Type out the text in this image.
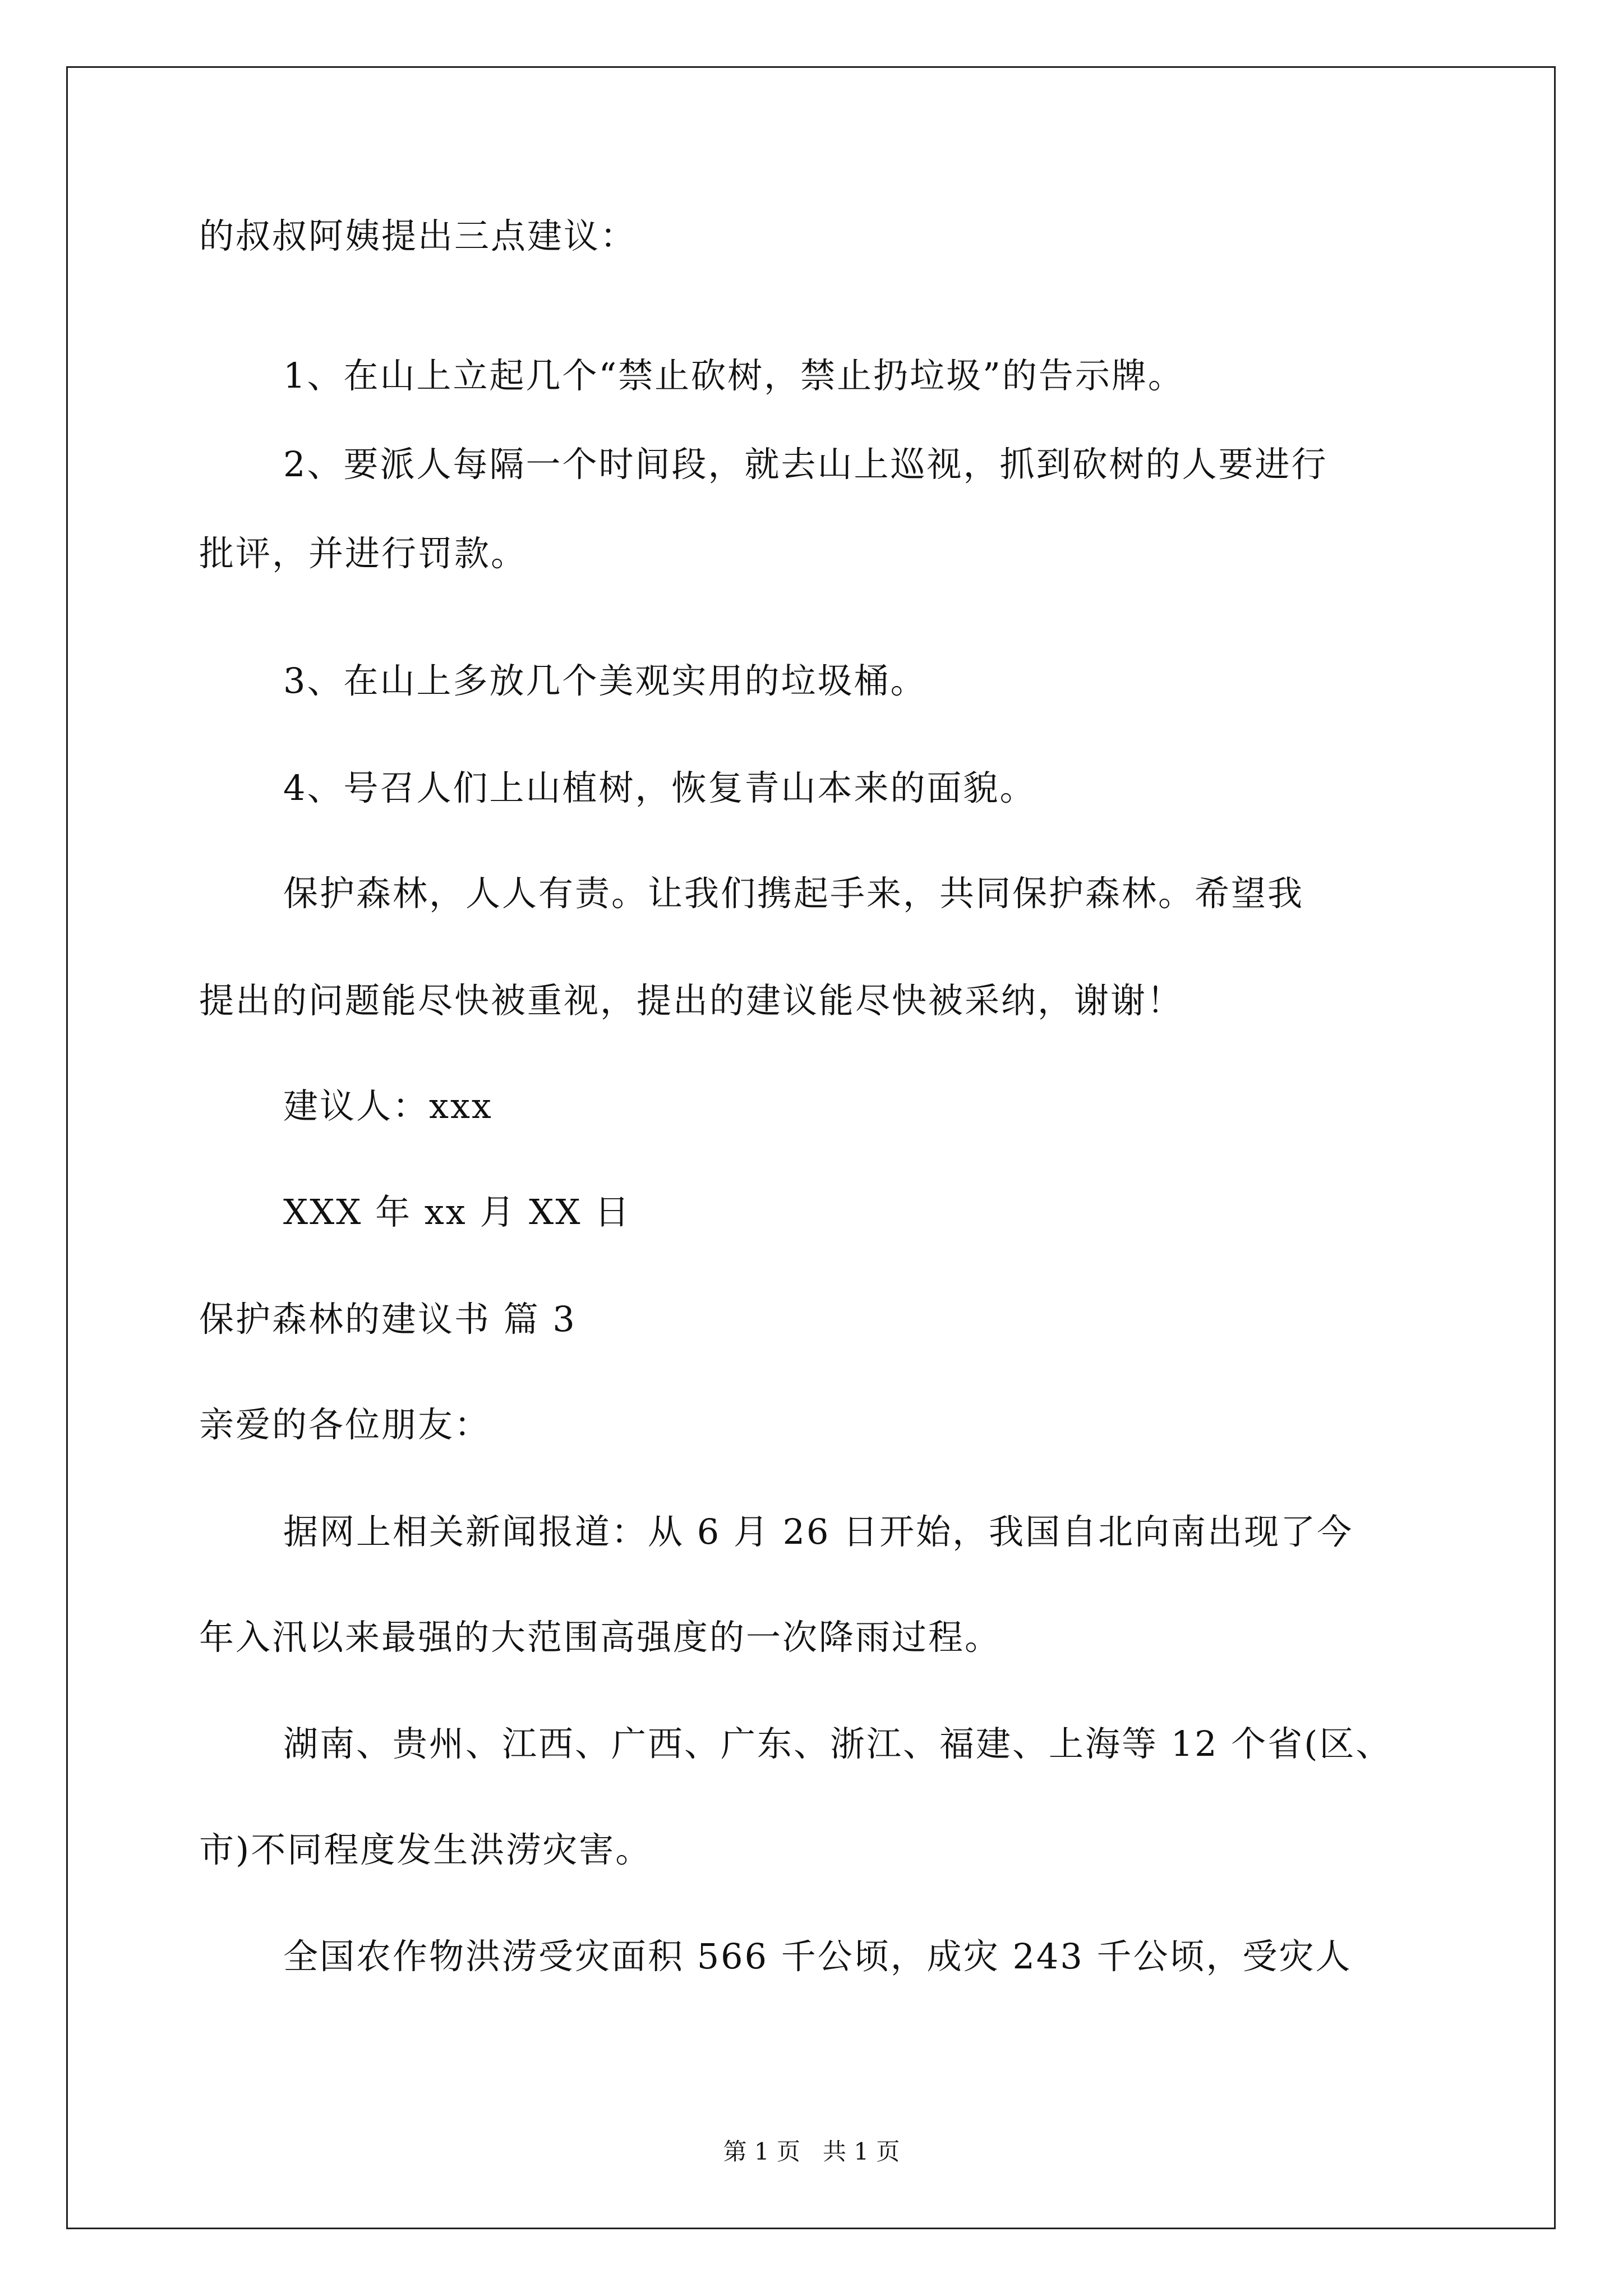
的叔叔阿姨提出三点建议：
1、在山上立起几个“禁止砍树，禁止扔垃圾”的告示牌。
2、要派人每隔一个时间段，就去山上巡视，抓到砍树的人要进行
批评，并进行罚款。
3、在山上多放几个美观实用的垃圾桶。
4、号召人们上山植树，恢复青山本来的面貌。
保护森林，人人有责。让我们携起手来，共同保护森林。希望我
提出的问题能尽快被重视，提出的建议能尽快被采纳，谢谢！
建议人：xxx
XXX 年 xx 月 XX 日
保护森林的建议书 篇 3
亲爱的各位朋友：
据网上相关新闻报道：从 6 月 26 日开始，我国自北向南出现了今
年入汛以来最强的大范围高强度的一次降雨过程。
湖南、贵州、江西、广西、广东、浙江、福建、上海等 12 个省(区、
市)不同程度发生洪涝灾害。
全国农作物洪涝受灾面积 566 千公顷，成灾 243 千公顷，受灾人
第 1 页 共 1 页
